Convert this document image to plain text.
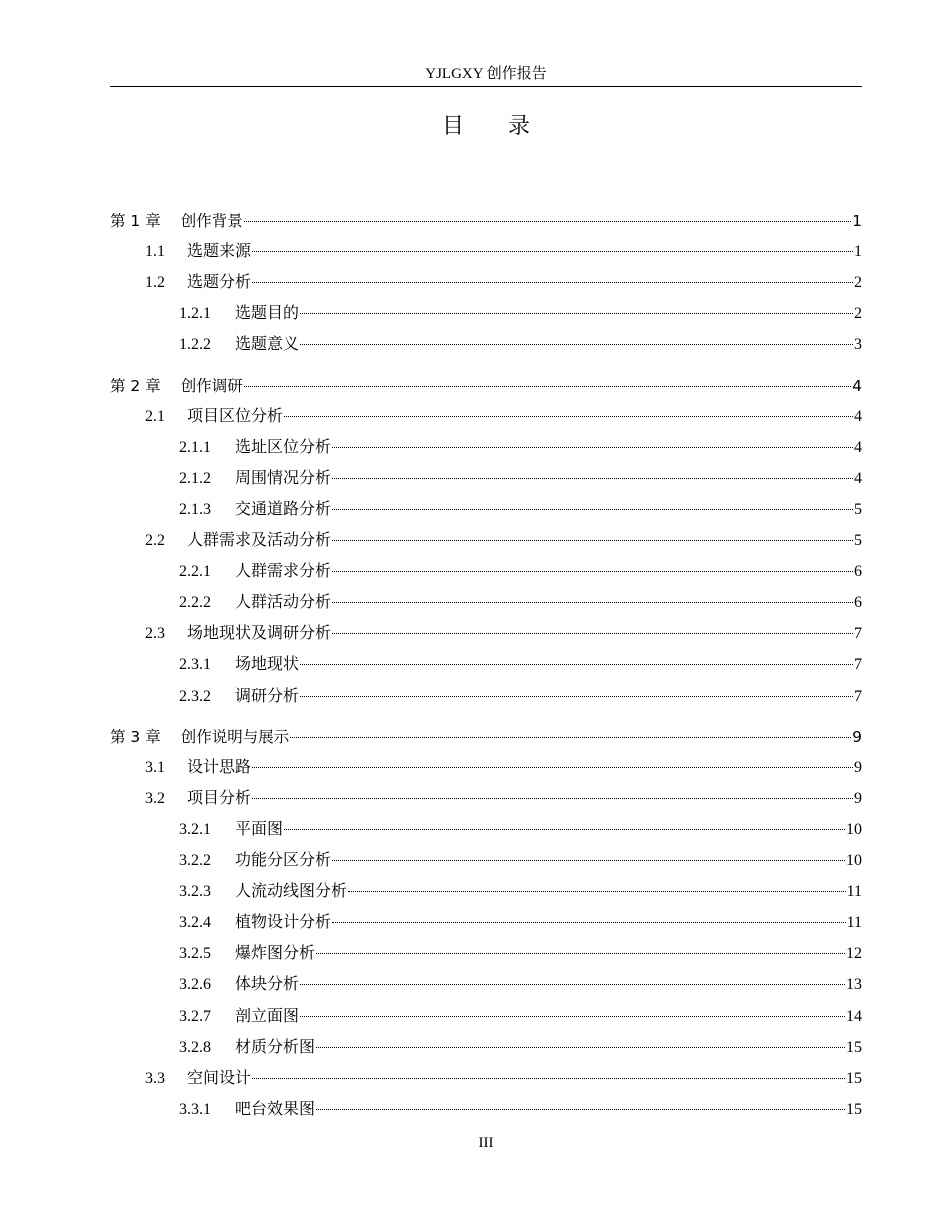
YJLGXY 创作报告
目录
第 1 章 创作背景	1
1.1	选题来源	1
1.2	选题分析	2
1.2.1	选题目的	2
1.2.2	选题意义	3
第 2 章 创作调研	4
2.1	项目区位分析	4
2.1.1	选址区位分析	4
2.1.2	周围情况分析	4
2.1.3	交通道路分析	5
2.2	人群需求及活动分析	5
2.2.1	人群需求分析	6
2.2.2	人群活动分析	6
2.3	场地现状及调研分析	7
2.3.1	场地现状	7
2.3.2	调研分析	7
第 3 章 创作说明与展示	9
3.1	设计思路	9
3.2	项目分析	9
3.2.1	平面图	10
3.2.2	功能分区分析	10
3.2.3	人流动线图分析	11
3.2.4	植物设计分析	11
3.2.5	爆炸图分析	12
3.2.6	体块分析	13
3.2.7	剖立面图	14
3.2.8	材质分析图	15
3.3	空间设计	15
3.3.1	吧台效果图	15
III
